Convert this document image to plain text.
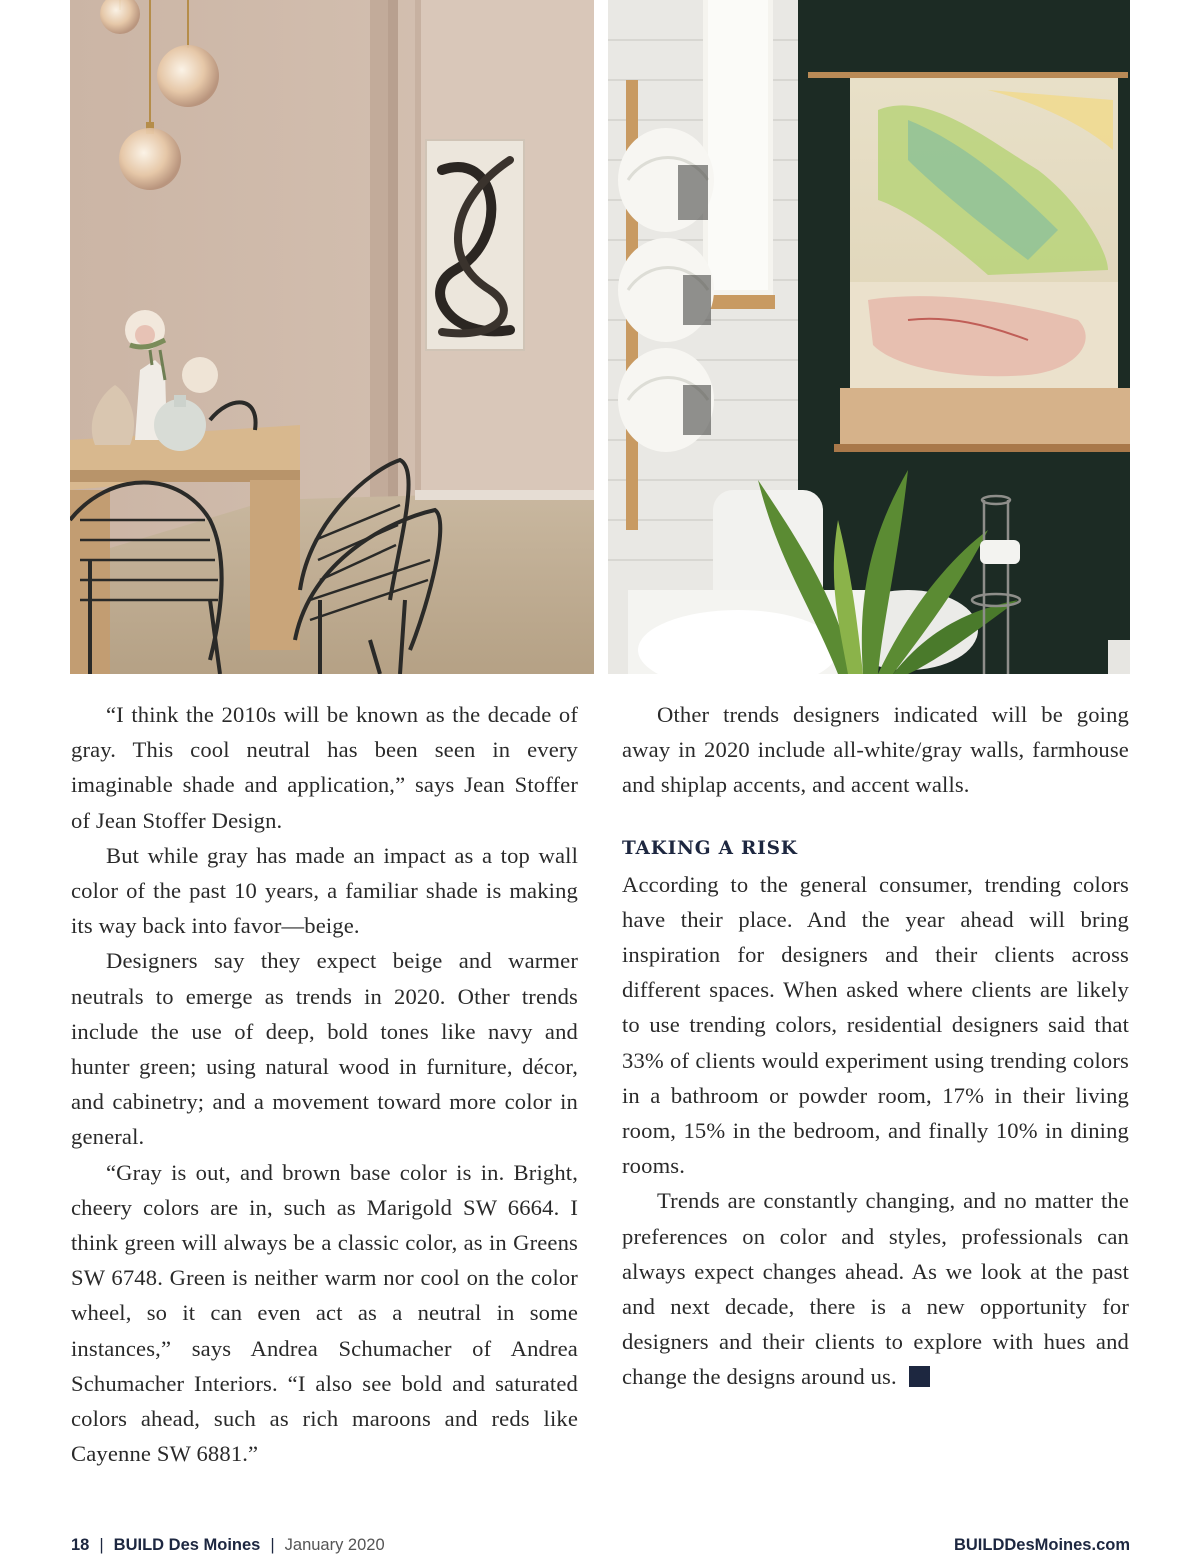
“I think the 2010s will be known as the decade of gray. This cool neutral has been seen in every imaginable shade and application,” says Jean Stoffer of Jean Stoffer Design.

But while gray has made an impact as a top wall color of the past 10 years, a familiar shade is making its way back into favor—beige.

Designers say they expect beige and warmer neutrals to emerge as trends in 2020. Other trends include the use of deep, bold tones like navy and hunter green; using natural wood in furniture, décor, and cabinetry; and a movement toward more color in general.

“Gray is out, and brown base color is in. Bright, cheery colors are in, such as Marigold SW 6664. I think green will always be a classic color, as in Greens SW 6748. Green is neither warm nor cool on the color wheel, so it can even act as a neutral in some instances,” says Andrea Schumacher of Andrea Schumacher Interiors. “I also see bold and saturated colors ahead, such as rich maroons and reds like Cayenne SW 6881.”

Other trends designers indicated will be going away in 2020 include all-white/gray walls, farmhouse and shiplap accents, and accent walls.

TAKING A RISK

According to the general consumer, trending colors have their place. And the year ahead will bring inspiration for designers and their clients across different spaces. When asked where clients are likely to use trending colors, residential designers said that 33% of clients would experiment using trending colors in a bathroom or powder room, 17% in their living room, 15% in the bedroom, and finally 10% in dining rooms.

Trends are constantly changing, and no matter the preferences on color and styles, professionals can always expect changes ahead. As we look at the past and next decade, there is a new opportunity for designers and their clients to explore with hues and change the designs around us.	B

18 | BUILD Des Moines | January 2020	BUILDDesMoines.com
